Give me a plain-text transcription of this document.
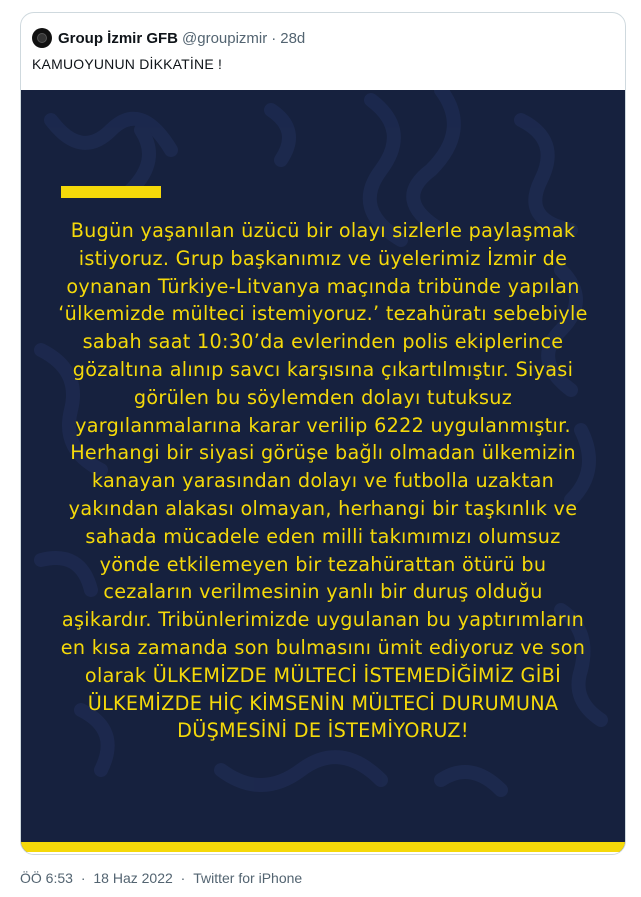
Group İzmir GFB @groupizmir · 28d
KAMUOYUNUN DİKKATİNE !

Bugün yaşanılan üzücü bir olayı sizlerle paylaşmak
istiyoruz. Grup başkanımız ve üyelerimiz İzmir de
oynanan Türkiye-Litvanya maçında tribünde yapılan
‘ülkemizde mülteci istemiyoruz.’ tezahüratı sebebiyle
sabah saat 10:30’da evlerinden polis ekiplerince
gözaltına alınıp savcı karşısına çıkartılmıştır. Siyasi
görülen bu söylemden dolayı tutuksuz
yargılanmalarına karar verilip 6222 uygulanmıştır.
Herhangi bir siyasi görüşe bağlı olmadan ülkemizin
kanayan yarasından dolayı ve futbolla uzaktan
yakından alakası olmayan, herhangi bir taşkınlık ve
sahada mücadele eden milli takımımızı olumsuz
yönde etkilemeyen bir tezahürattan ötürü bu
cezaların verilmesinin yanlı bir duruş olduğu
aşikardır. Tribünlerimizde uygulanan bu yaptırımların
en kısa zamanda son bulmasını ümit ediyoruz ve son
olarak ÜLKEMİZDE MÜLTECİ İSTEMEDİĞİMİZ GİBİ
ÜLKEMİZDE HİÇ KİMSENİN MÜLTECİ DURUMUNA
DÜŞMESİNİ DE İSTEMİYORUZ!

ÖÖ 6:53 · 18 Haz 2022 · Twitter for iPhone
